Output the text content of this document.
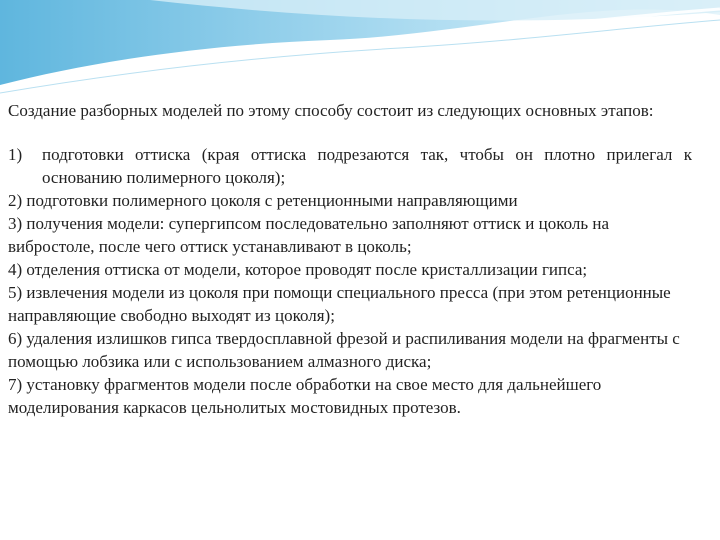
Создание разборных моделей по этому способу состоит из следующих основных этапов:

1)	подготовки оттиска (края оттиска подрезаются так, чтобы он плотно прилегал к основанию полимерного цоколя);

2) подготовки полимерного цоколя с ретенционными направляющими

3) получения модели: супергипсом последовательно заполняют оттиск и цоколь на вибростоле, после чего оттиск устанавливают в цоколь;

4) отделения оттиска от модели, которое проводят после кристаллизации гипса;

5) извлечения модели из цоколя при помощи специального пресса (при этом ретенционные направляющие свободно выходят из цоколя);

6) удаления излишков гипса твердосплавной фрезой и распиливания модели на фрагменты с помощью лобзика или с использованием алмазного диска;

7) установку фрагментов модели после обработки на свое место для дальнейшего моделирования каркасов цельнолитых мостовидных протезов.
